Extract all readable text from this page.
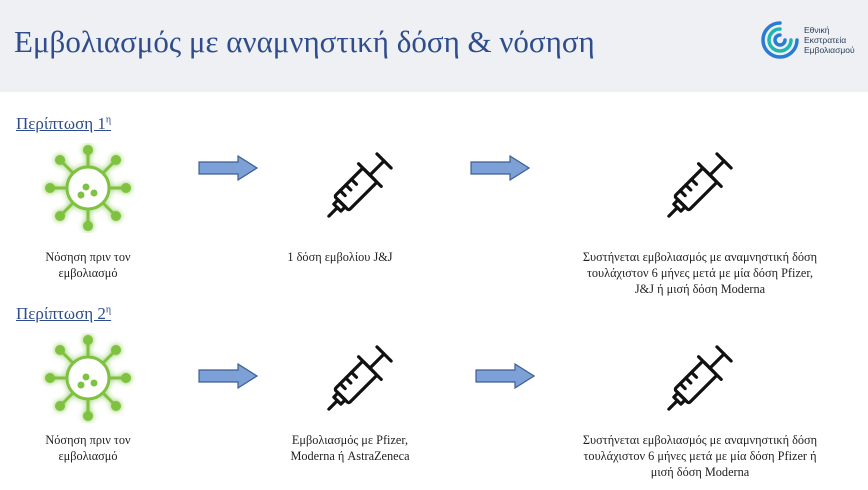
Εμβολιασμός με αναμνηστική δόση & νόσηση	Εθνική
Εκστρατεία
Εμβολιασμού
Περίπτωση $1^\eta$
Νόσηση πριν τον εμβολιασμό
1 δόση εμβολίου J&J	Συστήνεται εμβολιασμός με αναμνηστική δόση
τουλάχιστον 6 μήνες μετά με μία δόση Pfizer,
J&J ή μισή δόση Moderna
Περίπτωση $2^\eta$
Νόσηση πριν τον εμβολιασμό
Εμβολιασμός με Pfizer,
Moderna ή AstraZeneca
Συστήνεται εμβολιασμός με αναμνηστική δόση
τουλάχιστον 6 μήνες μετά με μία δόση Pfizer ή
μισή δόση Moderna
